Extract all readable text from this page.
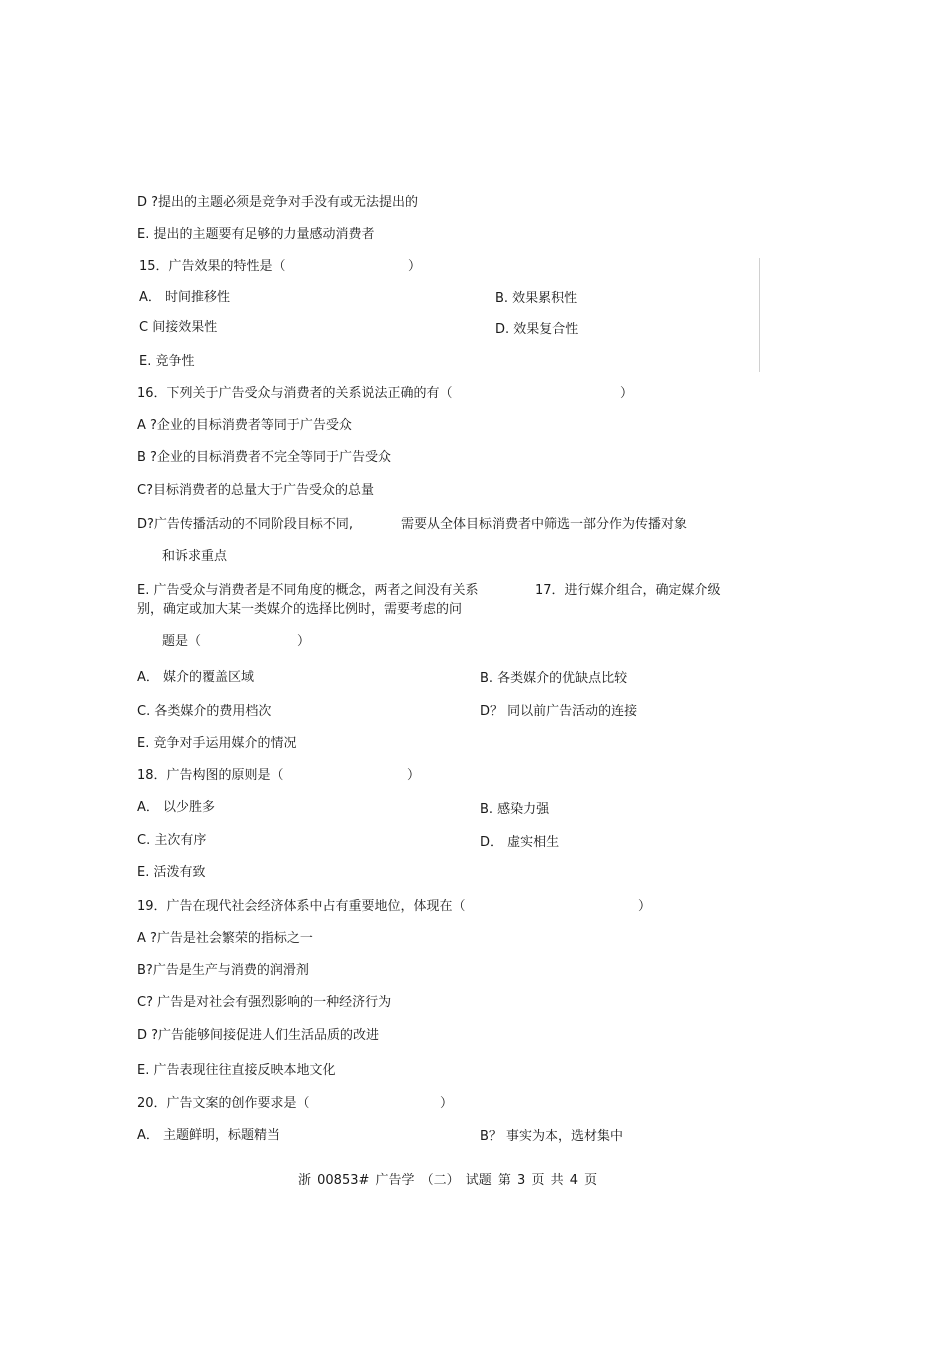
D ?提出的主题必须是竞争对手没有或无法提出的
E. 提出的主题要有足够的力量感动消费者
15．广告效果的特性是（	）
A． 时间推移性	B. 效果累积性
C 间接效果性	D. 效果复合性
E. 竞争性
16．下列关于广告受众与消费者的关系说法正确的有（	）
A ?企业的目标消费者等同于广告受众
B ?企业的目标消费者不完全等同于广告受众
C?目标消费者的总量大于广告受众的总量
D?广告传播活动的不同阶段目标不同,	需要从全体目标消费者中筛选一部分作为传播对象
和诉求重点
E. 广告受众与消费者是不同角度的概念，两者之间没有关系	17．进行媒介组合，确定媒介级
别，确定或加大某一类媒介的选择比例时，需要考虑的问
题是（	）
A． 媒介的覆盖区域	B. 各类媒介的优缺点比较
C. 各类媒介的费用档次	D？ 同以前广告活动的连接
E. 竞争对手运用媒介的情况
18．广告构图的原则是（	）
A． 以少胜多	B. 感染力强
C. 主次有序	D． 虚实相生
E. 活泼有致
19．广告在现代社会经济体系中占有重要地位，体现在（	）
A ?广告是社会繁荣的指标之一
B?广告是生产与消费的润滑剂
C? 广告是对社会有强烈影响的一种经济行为
D ?广告能够间接促进人们生活品质的改进
E. 广告表现往往直接反映本地文化
20．广告文案的创作要求是（	）
A． 主题鲜明，标题精当	B？ 事实为本，选材集中
浙 00853# 广告学 （二） 试题 第 3 页 共 4 页
